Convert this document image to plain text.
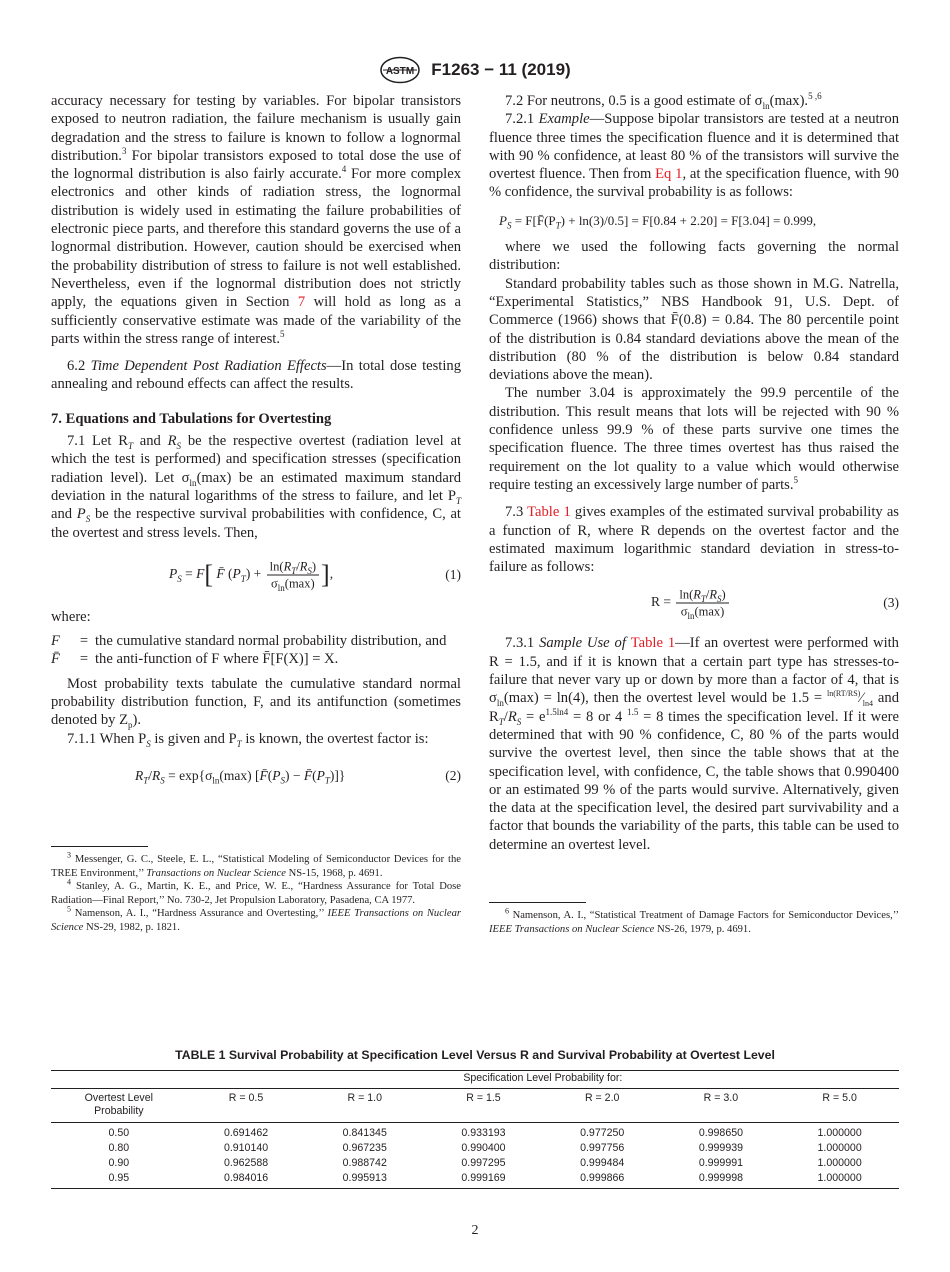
ASTM F1263 − 11 (2019)

accuracy necessary for testing by variables. For bipolar transistors exposed to neutron radiation, the failure mechanism is usually gain degradation and the stress to failure is known to follow a lognormal distribution.$^3$ For bipolar transistors exposed to total dose the use of the lognormal distribution is also fairly accurate.$^4$ For more complex electronics and other kinds of radiation stress, the lognormal distribution is widely used in estimating the failure probabilities of electronic piece parts, and therefore this standard governs the use of a lognormal distribution. However, caution should be exercised when the probability distribution of stress to failure is not well established. Nevertheless, even if the lognormal distribution does not strictly apply, the equations given in Section 7 will hold as long as a sufficiently conservative estimate was made of the variability of the parts within the stress range of interest.$^5$

6.2 Time Dependent Post Radiation Effects—In total dose testing annealing and rebound effects can affect the results.

7. Equations and Tabulations for Overtesting

7.1 Let $R_T$ and $R_S$ be the respective overtest (radiation level at which the test is performed) and specification stresses (specification radiation level). Let $\sigma_{ln}(\max)$ be an estimated maximum standard deviation in the natural logarithms of the stress to failure, and let $P_T$ and $P_S$ be the respective survival probabilities with confidence, C, at the overtest and stress levels. Then,

$P_S = F$[ F̄ $(P_T) + \frac{\ln(R_T/R_S)}{\sigma_{ln}(\max)}$ ],	(1)

where:

F	= the cumulative standard normal probability distribution, and
F̄	= the anti-function of F where F̄[F(X)] = X.

Most probability texts tabulate the cumulative standard normal probability distribution function, F, and its antifunction (sometimes denoted by $Z_p$).

7.1.1 When $P_S$ is given and $P_T$ is known, the overtest factor is:

$R_T/R_S = \exp\{\sigma_{ln}(\max)$ [$F̄(P_S)$ − $F̄(P_T)$]}	(2)

$^3$ Messenger, G. C., Steele, E. L., “Statistical Modeling of Semiconductor Devices for the TREE Environment,’’ Transactions on Nuclear Science NS-15, 1968, p. 4691.

$^4$ Stanley, A. G., Martin, K. E., and Price, W. E., “Hardness Assurance for Total Dose Radiation—Final Report,’’ No. 730-2, Jet Propulsion Laboratory, Pasadena, CA 1977.

$^5$ Namenson, A. I., “Hardness Assurance and Overtesting,’’ IEEE Transactions on Nuclear Science NS-29, 1982, p. 1821.

7.2 For neutrons, 0.5 is a good estimate of $\sigma_{ln}(\max).^{5 ,6}$

7.2.1 Example—Suppose bipolar transistors are tested at a neutron fluence three times the specification fluence and it is determined that with 90 % confidence, at least 80 % of the transistors will survive the overtest fluence. Then from Eq 1, at the specification fluence, with 90 % confidence, the survival probability is as follows:

$P_S$ = $F[F̄(P_T) + \ln(3)/0.5] = F[0.84 + 2.20] = F[3.04] = 0.999$,

where we used the following facts governing the normal distribution:

Standard probability tables such as those shown in M.G. Natrella, “Experimental Statistics,” NBS Handbook 91, U.S. Dept. of Commerce (1966) shows that F̄(0.8) = 0.84. The 80 percentile point of the distribution is 0.84 standard deviations above the mean of the distribution (80 % of the distribution is below 0.84 standard deviations above the mean).

The number 3.04 is approximately the 99.9 percentile of the distribution. This result means that lots will be rejected with 90 % confidence unless 99.9 % of these parts survive one times the specification fluence. The three times overtest has thus raised the requirement on the lot quality to a value which would otherwise require testing an excessively large number of parts.$^5$

7.3 Table 1 gives examples of the estimated survival probability as a function of R, where R depends on the overtest factor and the estimated maximum logarithmic standard deviation in stress-to-failure as follows:

$R = \frac{\ln(R_T/R_S)}{\sigma_{ln}(\max)}$	(3)

7.3.1 Sample Use of Table 1—If an overtest were performed with R = 1.5, and if it is known that a certain part type has stresses-to-failure that never vary up or down by more than a factor of 4, that is $\sigma_{ln}(\max) = \ln(4)$, then the overtest level would be $1.5 = ^{ln(RT/RS)}⁄_{ln4}$ and $R_T/R_S = e^{1.5ln4} = 8$ or 4 $^{1.5}$ = 8 times the specification level. If it were determined that with 90 % confidence, C, 80 % of the parts would survive the overtest level, then since the table shows that at the specification level, with confidence, C, the table shows that 0.990400 or an estimated 99 % of the parts would survive. Alternatively, given the data at the specification level, the desired part survivability and a factor that bounds the variability of the parts, this table can be used to determine an overtest level.

$^6$ Namenson, A. I., “Statistical Treatment of Damage Factors for Semiconductor Devices,’’ IEEE Transactions on Nuclear Science NS-26, 1979, p. 4691.

TABLE 1 Survival Probability at Specification Level Versus R and Survival Probability at Overtest Level
	Specification Level Probability for:					
Overtest Level
Probability	R = 0.5	R = 1.0	R = 1.5	R = 2.0	R = 3.0	R = 5.0
0.50	0.691462	0.841345	0.933193	0.977250	0.998650	1.000000
0.80	0.910140	0.967235	0.990400	0.997756	0.999939	1.000000
0.90	0.962588	0.988742	0.997295	0.999484	0.999991	1.000000
0.95	0.984016	0.995913	0.999169	0.999866	0.999998	1.000000
2
